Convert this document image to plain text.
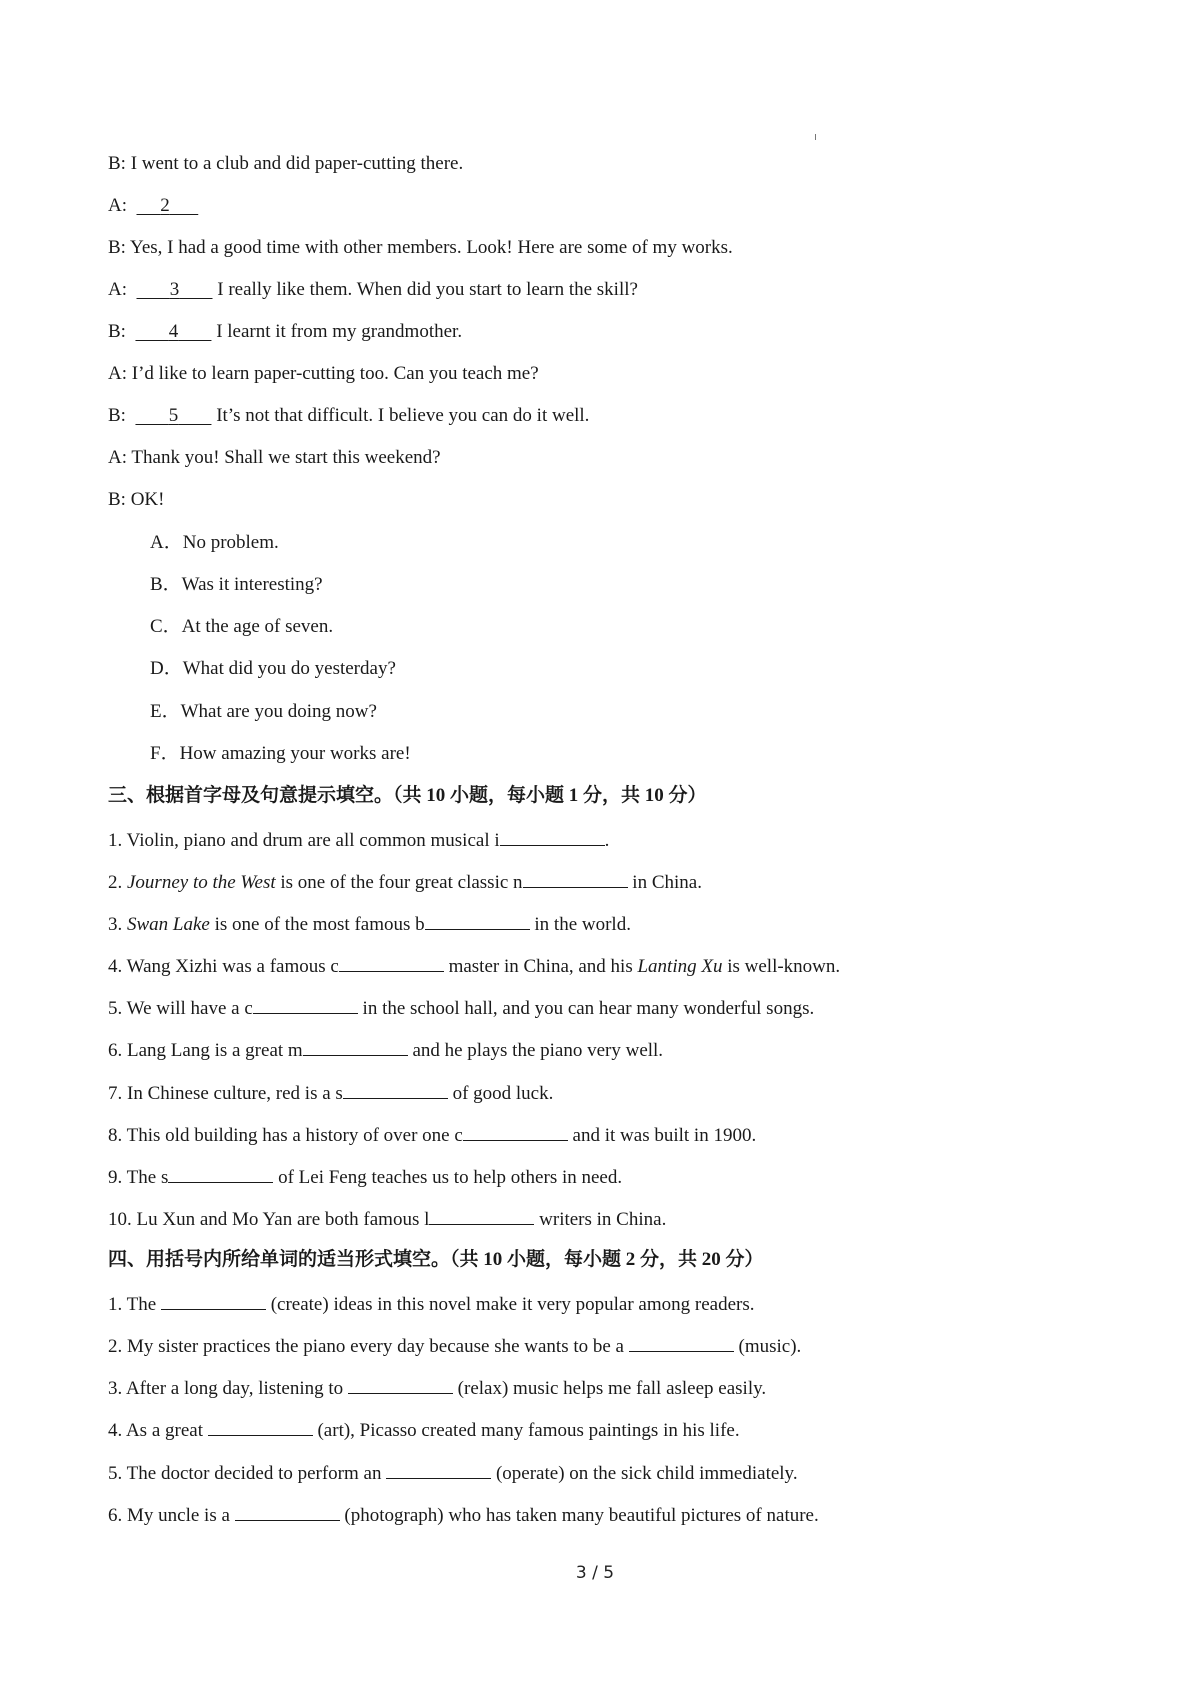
B: I went to a club and did paper-cutting there.
A: 2
B: Yes, I had a good time with other members. Look! Here are some of my works.
A: 3        I really like them. When did you start to learn the skill?
B: 4        I learnt it from my grandmother.
A: I’d like to learn paper-cutting too. Can you teach me?
B: 5        It’s not that difficult. I believe you can do it well.
A: Thank you! Shall we start this weekend?
B: OK!
A．No problem.
B．Was it interesting?
C．At the age of seven.
D．What did you do yesterday?
E．What are you doing now?
F．How amazing your works are!
三、根据首字母及句意提示填空。（共 10 小题，每小题 1 分，共 10 分）
1. Violin, piano and drum are all common musical i	.
2. Journey to the West is one of the four great classic n	in China.
3. Swan Lake is one of the most famous b	in the world.
4. Wang Xizhi was a famous c	master in China, and his Lanting Xu is well-known.
5. We will have a c	in the school hall, and you can hear many wonderful songs.
6. Lang Lang is a great m	and he plays the piano very well.
7. In Chinese culture, red is a s	of good luck.
8. This old building has a history of over one c	and it was built in 1900.
9. The s	of Lei Feng teaches us to help others in need.
10. Lu Xun and Mo Yan are both famous l	writers in China.
四、用括号内所给单词的适当形式填空。（共 10 小题，每小题 2 分，共 20 分）
1. The	(create) ideas in this novel make it very popular among readers.
2. My sister practices the piano every day because she wants to be a	(music).
3. After a long day, listening to	(relax) music helps me fall asleep easily.
4. As a great	(art), Picasso created many famous paintings in his life.
5. The doctor decided to perform an	(operate) on the sick child immediately.
6. My uncle is a	(photograph) who has taken many beautiful pictures of nature.
3 / 5
